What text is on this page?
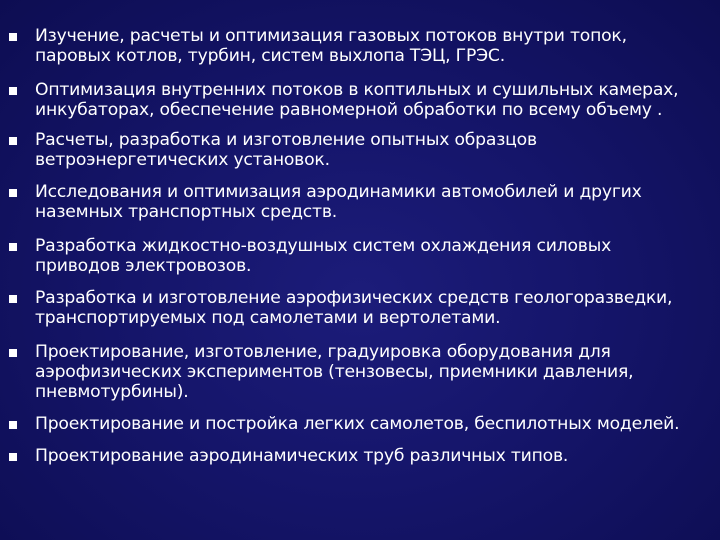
Изучение, расчеты и оптимизация газовых потоков внутри топок,
паровых котлов, турбин, систем выхлопа ТЭЦ, ГРЭС.
Оптимизация внутренних потоков в коптильных и сушильных камерах,
инкубаторах, обеспечение равномерной обработки по всему объему .
Расчеты, разработка и изготовление опытных образцов
ветроэнергетических установок.
Исследования и оптимизация аэродинамики автомобилей и других
наземных транспортных средств.
Разработка жидкостно-воздушных систем охлаждения силовых
приводов электровозов.
Разработка и изготовление аэрофизических средств геологоразведки,
транспортируемых под самолетами и вертолетами.
Проектирование, изготовление, градуировка оборудования для
аэрофизических экспериментов (тензовесы, приемники давления,
пневмотурбины).
Проектирование и постройка легких самолетов, беспилотных моделей.
Проектирование аэродинамических труб различных типов.
